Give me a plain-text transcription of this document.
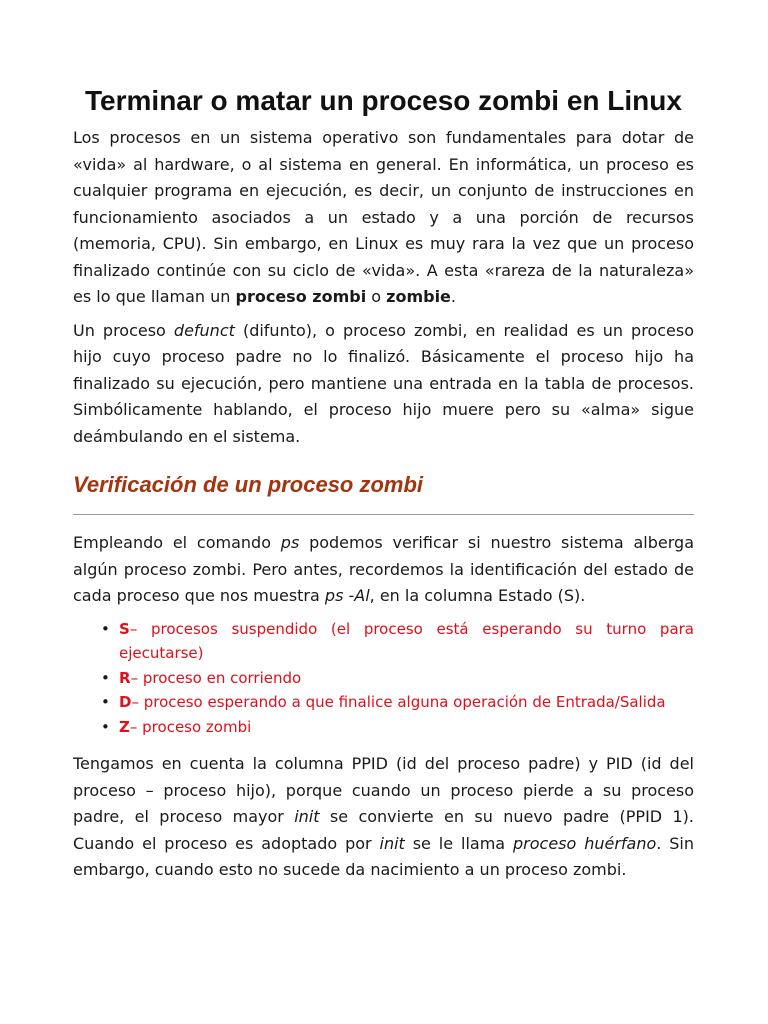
Terminar o matar un proceso zombi en Linux

Los procesos en un sistema operativo son fundamentales para dotar de «vida» al hardware, o al sistema en general. En informática, un proceso es cualquier programa en ejecución, es decir, un conjunto de instrucciones en funcionamiento asociados a un estado y a una porción de recursos (memoria, CPU). Sin embargo, en Linux es muy rara la vez que un proceso finalizado continúe con su ciclo de «vida». A esta «rareza de la naturaleza» es lo que llaman un proceso zombi o zombie.

Un proceso defunct (difunto), o proceso zombi, en realidad es un proceso hijo cuyo proceso padre no lo finalizó. Básicamente el proceso hijo ha finalizado su ejecución, pero mantiene una entrada en la tabla de procesos. Simbólicamente hablando, el proceso hijo muere pero su «alma» sigue deámbulando en el sistema.

Verificación de un proceso zombi

Empleando el comando ps podemos verificar si nuestro sistema alberga algún proceso zombi. Pero antes, recordemos la identificación del estado de cada proceso que nos muestra ps -Al, en la columna Estado (S).

• S– procesos suspendido (el proceso está esperando su turno para ejecutarse)
• R– proceso en corriendo
• D– proceso esperando a que finalice alguna operación de Entrada/Salida
• Z– proceso zombi

Tengamos en cuenta la columna PPID (id del proceso padre) y PID (id del proceso – proceso hijo), porque cuando un proceso pierde a su proceso padre, el proceso mayor init se convierte en su nuevo padre (PPID 1). Cuando el proceso es adoptado por init se le llama proceso huérfano. Sin embargo, cuando esto no sucede da nacimiento a un proceso zombi.
